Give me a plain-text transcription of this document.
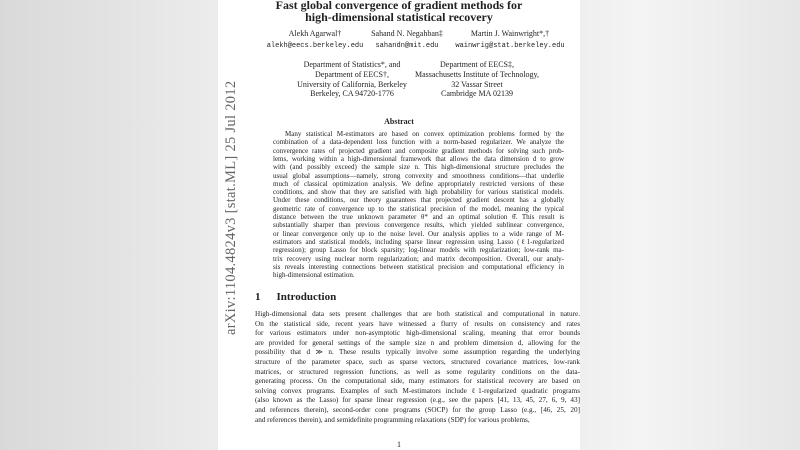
arXiv:1104.4824v3 [stat.ML] 25 Jul 2012
Fast global convergence of gradient methods for
high-dimensional statistical recovery
Alekh Agarwal†
alekh@eecs.berkeley.edu
Sahand N. Negahban‡
sahandn@mit.edu
Martin J. Wainwright*,†
wainwrig@stat.berkeley.edu
Department of Statistics*, and
Department of EECS†,
University of California, Berkeley
Berkeley, CA 94720-1776
Department of EECS‡,
Massachusetts Institute of Technology,
32 Vassar Street
Cambridge MA 02139
Abstract
Many statistical M-estimators are based on convex optimization problems formed by the
combination of a data-dependent loss function with a norm-based regularizer. We analyze the
convergence rates of projected gradient and composite gradient methods for solving such prob-
lems, working within a high-dimensional framework that allows the data dimension d to grow
with (and possibly exceed) the sample size n. This high-dimensional structure precludes the
usual global assumptions—namely, strong convexity and smoothness conditions—that underlie
much of classical optimization analysis. We define appropriately restricted versions of these
conditions, and show that they are satisfied with high probability for various statistical models.
Under these conditions, our theory guarantees that projected gradient descent has a globally
geometric rate of convergence up to the statistical precision of the model, meaning the typical
distance between the true unknown parameter θ* and an optimal solution θ̂. This result is
substantially sharper than previous convergence results, which yielded sublinear convergence,
or linear convergence only up to the noise level. Our analysis applies to a wide range of M-
estimators and statistical models, including sparse linear regression using Lasso (ℓ1-regularized
regression); group Lasso for block sparsity; log-linear models with regularization; low-rank ma-
trix recovery using nuclear norm regularization; and matrix decomposition. Overall, our analy-
sis reveals interesting connections between statistical precision and computational efficiency in
high-dimensional estimation.
1 Introduction
High-dimensional data sets present challenges that are both statistical and computational in nature.
On the statistical side, recent years have witnessed a flurry of results on consistency and rates
for various estimators under non-asymptotic high-dimensional scaling, meaning that error bounds
are provided for general settings of the sample size n and problem dimension d, allowing for the
possibility that d ≫ n. These results typically involve some assumption regarding the underlying
structure of the parameter space, such as sparse vectors, structured covariance matrices, low-rank
matrices, or structured regression functions, as well as some regularity conditions on the data-
generating process. On the computational side, many estimators for statistical recovery are based on
solving convex programs. Examples of such M-estimators include ℓ1-regularized quadratic programs
(also known as the Lasso) for sparse linear regression (e.g., see the papers [41, 13, 45, 27, 6, 9, 43]
and references therein), second-order cone programs (SOCP) for the group Lasso (e.g., [46, 25, 20]
and references therein), and semidefinite programming relaxations (SDP) for various problems,
1
